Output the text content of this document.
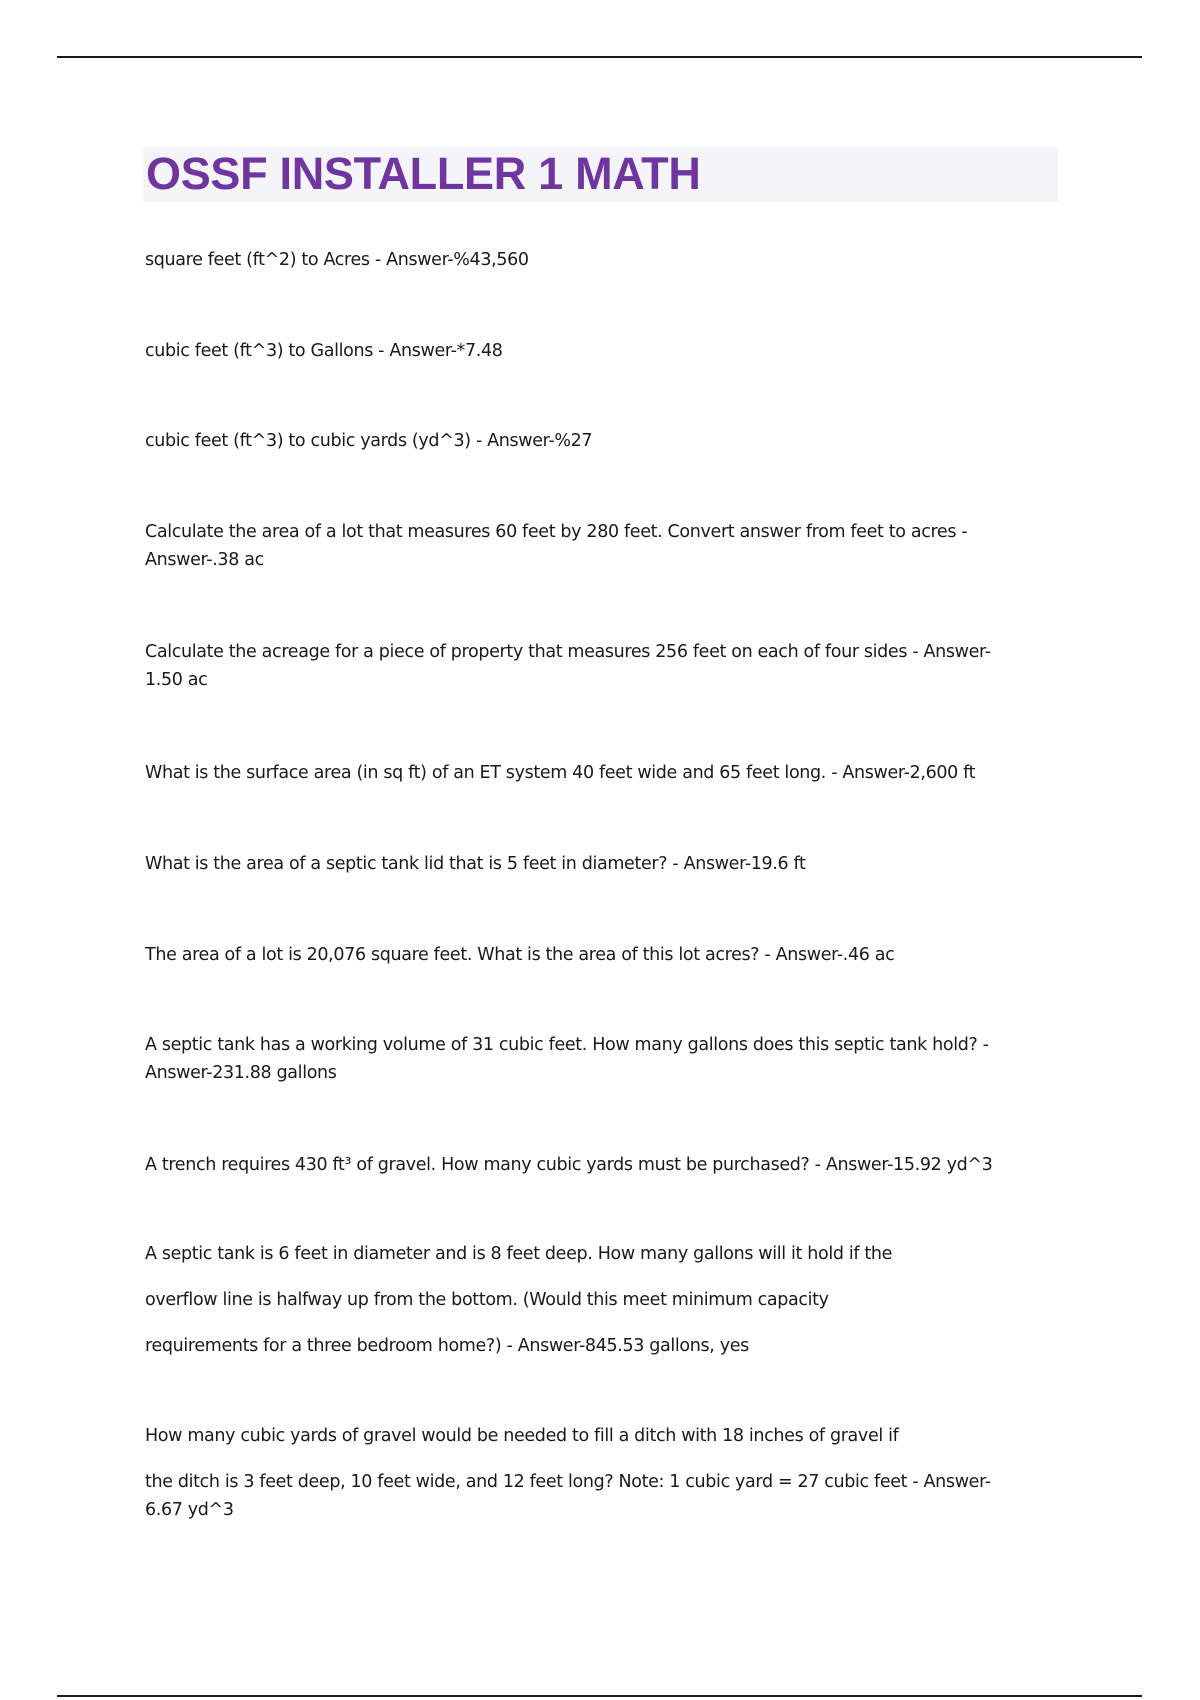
OSSF INSTALLER 1 MATH

square feet (ft^2) to Acres - Answer-%43,560

cubic feet (ft^3) to Gallons - Answer-*7.48

cubic feet (ft^3) to cubic yards (yd^3) - Answer-%27

Calculate the area of a lot that measures 60 feet by 280 feet. Convert answer from feet to acres -
Answer-.38 ac

Calculate the acreage for a piece of property that measures 256 feet on each of four sides - Answer-
1.50 ac

What is the surface area (in sq ft) of an ET system 40 feet wide and 65 feet long. - Answer-2,600 ft

What is the area of a septic tank lid that is 5 feet in diameter? - Answer-19.6 ft

The area of a lot is 20,076 square feet. What is the area of this lot acres? - Answer-.46 ac

A septic tank has a working volume of 31 cubic feet. How many gallons does this septic tank hold? -
Answer-231.88 gallons

A trench requires 430 ft³ of gravel. How many cubic yards must be purchased? - Answer-15.92 yd^3

A septic tank is 6 feet in diameter and is 8 feet deep. How many gallons will it hold if the
overflow line is halfway up from the bottom. (Would this meet minimum capacity
requirements for a three bedroom home?) - Answer-845.53 gallons, yes

How many cubic yards of gravel would be needed to fill a ditch with 18 inches of gravel if
the ditch is 3 feet deep, 10 feet wide, and 12 feet long? Note: 1 cubic yard = 27 cubic feet - Answer-
6.67 yd^3
